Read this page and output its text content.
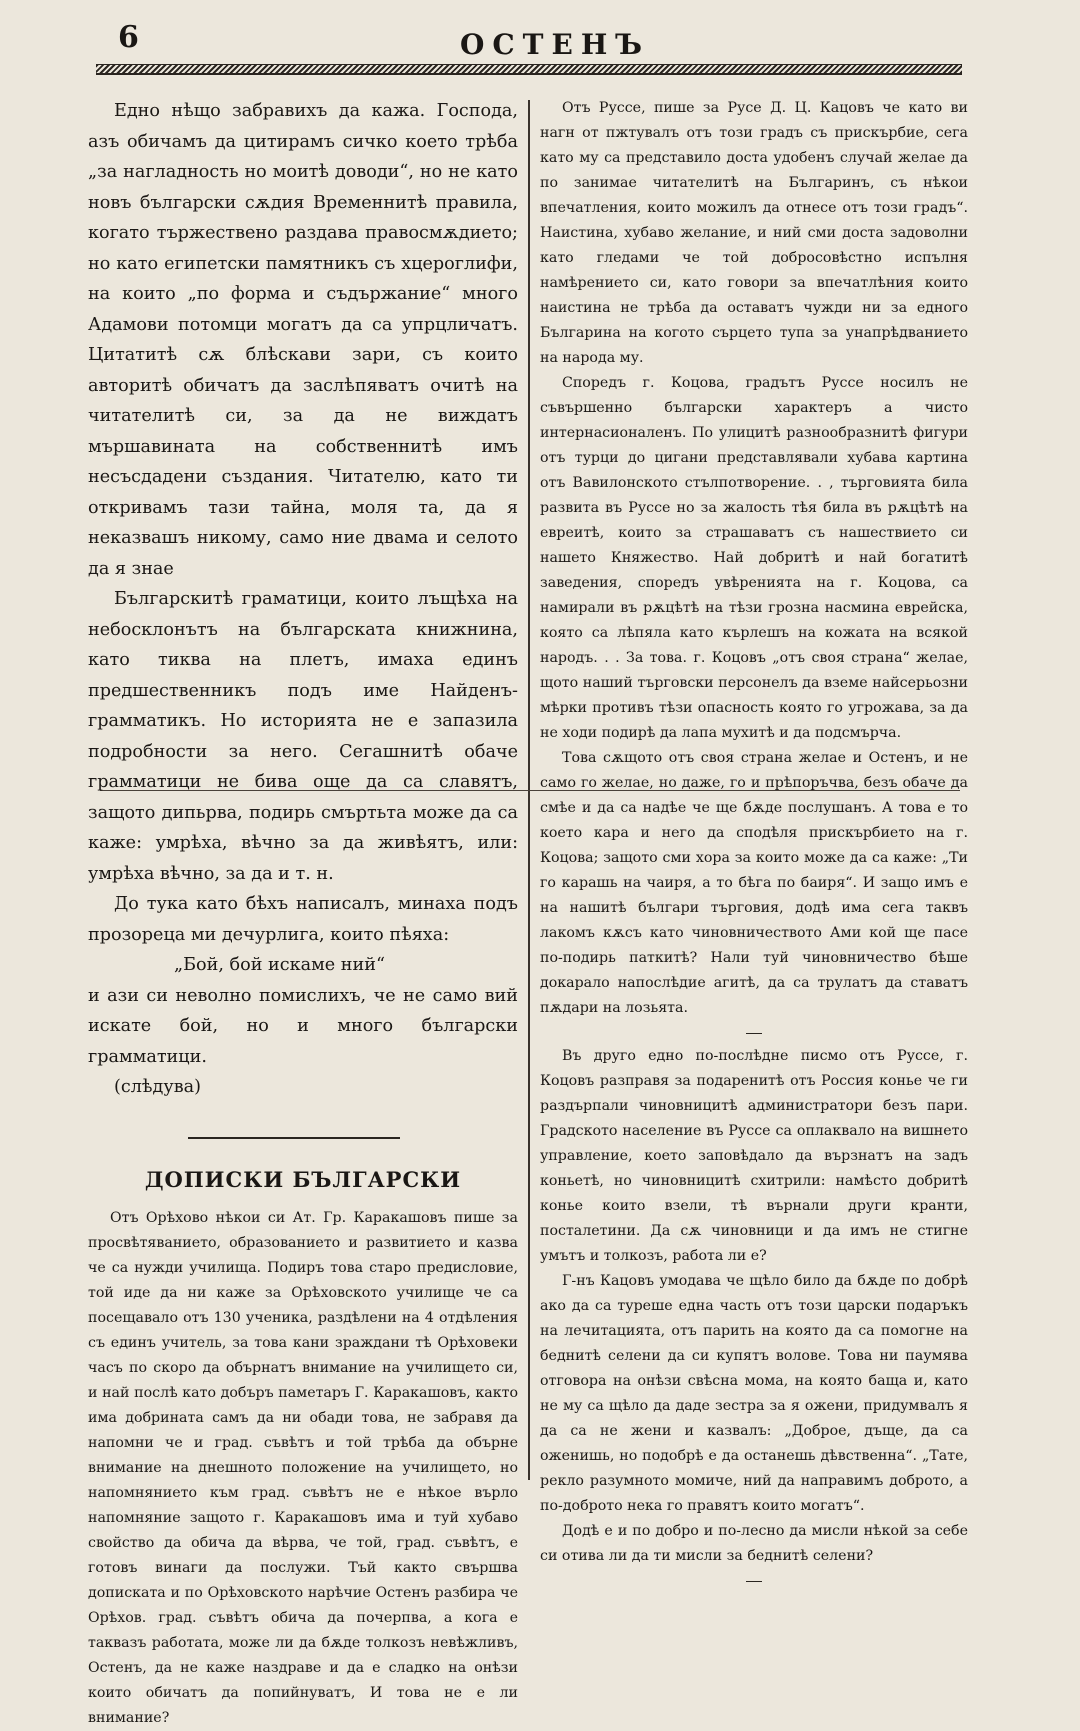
6	ОСТЕНЪ

Едно нѣщо забравихъ да кажа. Господа, азъ обичамъ да цитирамъ сичко което трѣба „за нагладность но моитѣ доводи“, но не като новъ български сѫдия Временнитѣ правила, когато тържествено раздава правосмѫдието; но като египетски памятникъ съ хцероглифи, на които „по форма и съдържание“ много Адамови потомци могатъ да са упрцличатъ. Цитатитѣ сѫ блѣскави зари, съ които авторитѣ обичатъ да заслѣпяватъ очитѣ на читателитѣ си, за да не виждатъ мършавината на собственнитѣ имъ несъсдадени създания. Читателю, като ти откривамъ тази тайна, моля та, да я неказвашъ никому, само ние двамa и селото да я знае

Българскитѣ граматици, които лъщѣха на небосклонътъ на българската книжнина, като тиква на плетъ, имаха единъ предшественникъ подъ име Найденъ-грамматикъ. Но историята не е запазила подробности зa него. Сегашнитѣ обаче грамматици не бива още да са славятъ, защото дипьрва, подирь смъртьта може да са каже: умрѣха, вѣчно за да живѣятъ, или: умрѣха вѣчно, за да и т. н.

До тука като бѣхъ написалъ, минаха подъ прозореца ми дечурлига, които пѣяха:

„Бой, бой искаме ний“

и ази си неволно помислихъ, че не само вий искате бой, но и много български грамматици.

(слѣдува)

ДОПИСКИ БЪЛГАРСКИ

Отъ Орѣхово нѣкои си Ат. Гр. Каракашовъ пише за просвѣтяванието, образованието и развитието и казва че са нужди училища. Подиръ това старо предисловие, той иде да ни каже за Орѣховското училище че са посещавало отъ 130 ученика, раздѣлени на 4 отдѣления съ единъ учитель, за това кани зраждани тѣ Орѣховеки часъ по скоро да обърнатъ внимание на училището си, и най послѣ като добъръ паметаръ Г. Каракашовъ, както има добрината самъ да ни обади това, не забравя да напомни че и град. съвѣтъ и той трѣба да обърне внимание на днешното положение на училището, но напомнянието към град. съвѣтъ не е нѣкое върло напомняние защото г. Каракашовъ има и туй хубаво свойство да обича да вѣрва, че той, град. съвѣтъ, е готовъ винаги да послужи. Тъй както свършва дописката и по Орѣховското нарѣчие Остенъ разбира че Орѣхов. град. съвѣтъ обича да почерпва, а кога е таквазъ работата, може ли да бѫде толкозъ невѣжливъ, Остенъ, да не каже наздраве и да е сладко на онѣзи които обичатъ да попийнуватъ, И това не е ли внимание?

Отъ Руссе, пише за Русе Д. Ц. Кацовъ че като ви нагн от пжтувалъ отъ този градъ съ прискърбие, сега като му са представило доста удобенъ случай желае да по занимае читателитѣ на Българинъ, съ нѣкои впечатления, които можилъ да отнесе отъ този градъ“. Наистина, хубаво желание, и ний сми доста задоволни като гледами че той добросовѣстно испълня намѣрението си, като говори за впечатлѣния които наистина не трѣба да оставатъ чужди ни за едного Българина на когото сърцето тупа за унапрѣдванието на народа му.

Споредъ г. Коцова, градътъ Руссе носилъ не съвършенно български характеръ а чисто интернасионаленъ. По улицитѣ разнообразнитѣ фигури отъ турци до цигани представлявали хубава картина отъ Вавилонското стълпотворение. . , търговията била развита въ Руссе но за жалость тѣя била въ рѫцѣтѣ на евреитѣ, които за страшаватъ съ нашествието си нашето Княжество. Най добритѣ и най богатитѣ заведения, споредъ увѣренията на г. Коцова, са намирали въ рѫцѣтѣ на тѣзи грозна насмина еврейска, която са лѣпяла като кърлешъ на кожата на всякой народъ. . . За това. г. Коцовъ „отъ своя страна“ желае, щото наший търговски персонелъ да вземе найсерьозни мѣрки противъ тѣзи опасность която го угрожава, за да не ходи подирѣ да лапа мухитѣ и да подсмърча.

Това сѫщото отъ своя страна желае и Остенъ, и не само го желае, но даже, го и прѣпоръчва, безъ обаче да смѣе и да са надѣе че ще бѫде послушанъ. А това е то което кара и него да сподѣля прискърбието на г. Коцова; защото сми хора за които може да са каже: „Ти го карашь на чаиря, а то бѣга по баиря“. И защо имъ е на нашитѣ българи търговия, додѣ има сега таквъ лакомъ кѫсъ като чиновничеството Ами кой ще пасе по-подирь паткитѣ? Нали туй чиновничество бѣше докарало напослѣдие агитѣ, да са трулатъ да ставатъ пѫдари на лозьята.

Въ друго едно по-послѣдне писмо отъ Руссе, г. Коцовъ разправя за подаренитѣ отъ Россия коньe че ги раздърпали чиновницитѣ администратори безъ пари. Градското население въ Руссе са оплаквало на вишнето управление, което заповѣдало да вързнатъ на задъ коньетѣ, но чиновницитѣ схитрили: намѣсто добритѣ коньe които взели, тѣ върнали други кранти, посталетини. Да сѫ чиновници и да имъ не стигне умътъ и толкозъ, работа ли е?

Г-нъ Кацовъ умодава че щѣло било да бѫде по добрѣ ако да са туреше една часть отъ този царски подаръкъ на лечитацията, отъ парить на която да са помогне на беднитѣ селени да си купятъ волове. Това ни паумява отговора на онѣзи свѣсна мома, на която бащa и, като не му са щѣло да даде зестра за я ожени, придумвалъ я да са не жени и казвалъ: „Доброе, дъще, да са оженишь, но подобрѣ е да останешь дѣвственна“. „Тате, рекло разумното момиче, ний да направимъ доброто, а по-доброто нека го правятъ които могатъ“.

Додѣ е и по добро и по-лесно да мисли нѣкой за себе си отива ли да ти мисли за беднитѣ селени?
